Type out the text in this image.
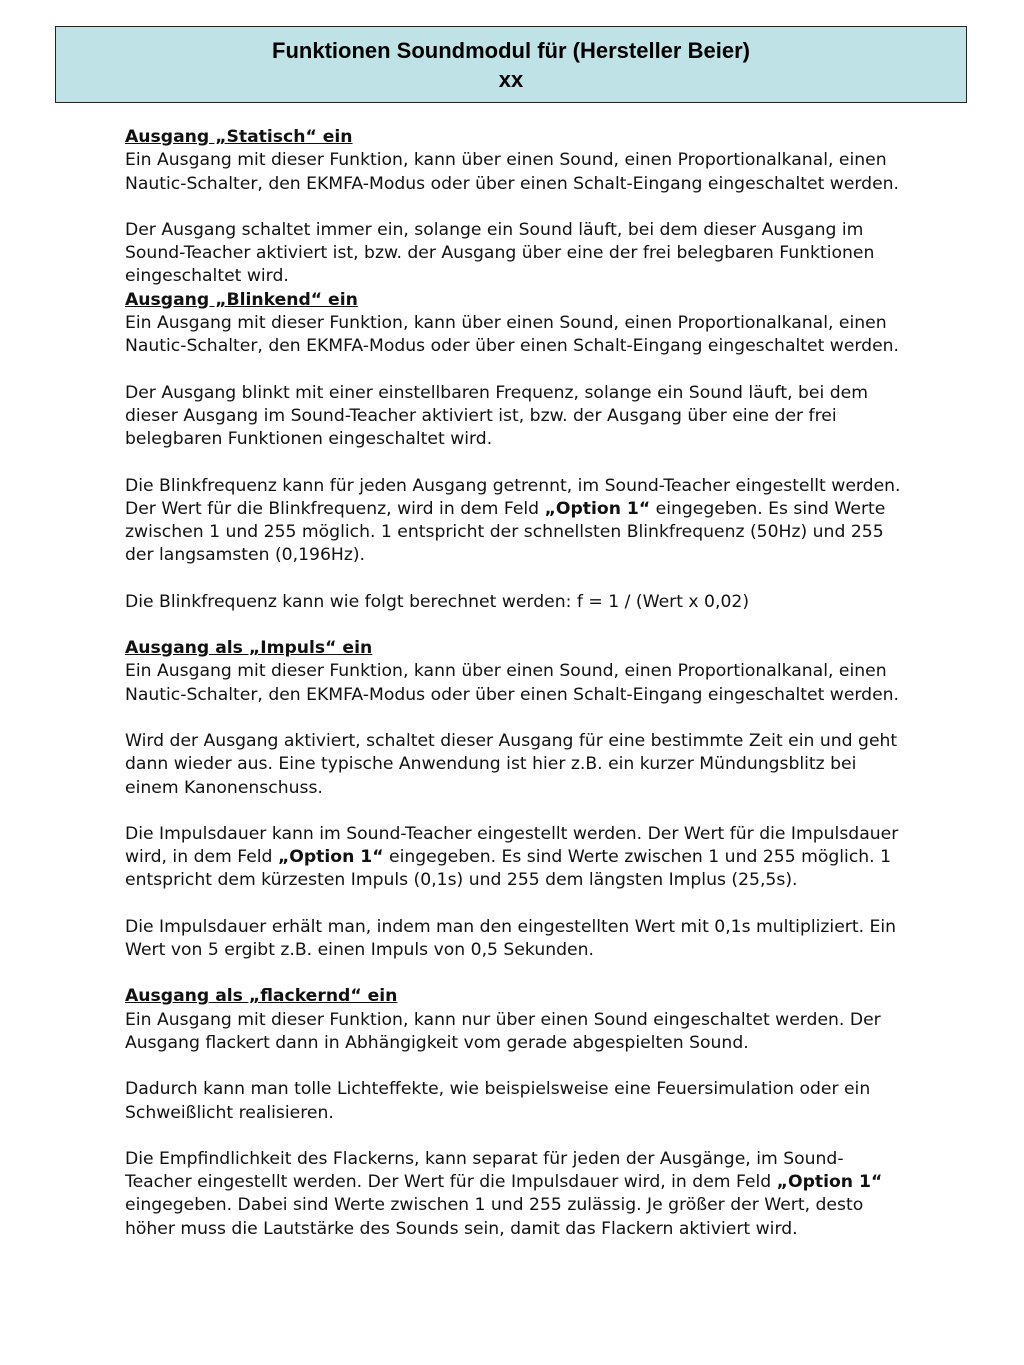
Funktionen Soundmodul für (Hersteller Beier)
xx

Ausgang „Statisch“ ein

Ein Ausgang mit dieser Funktion, kann über einen Sound, einen Proportionalkanal, einen Nautic-Schalter, den EKMFA-Modus oder über einen Schalt-Eingang eingeschaltet werden.

Der Ausgang schaltet immer ein, solange ein Sound läuft, bei dem dieser Ausgang im Sound-Teacher aktiviert ist, bzw. der Ausgang über eine der frei belegbaren Funktionen eingeschaltet wird.

Ausgang „Blinkend“ ein

Ein Ausgang mit dieser Funktion, kann über einen Sound, einen Proportionalkanal, einen Nautic-Schalter, den EKMFA-Modus oder über einen Schalt-Eingang eingeschaltet werden.

Der Ausgang blinkt mit einer einstellbaren Frequenz, solange ein Sound läuft, bei dem dieser Ausgang im Sound-Teacher aktiviert ist, bzw. der Ausgang über eine der frei belegbaren Funktionen eingeschaltet wird.

Die Blinkfrequenz kann für jeden Ausgang getrennt, im Sound-Teacher eingestellt werden. Der Wert für die Blinkfrequenz, wird in dem Feld „Option 1“ eingegeben. Es sind Werte zwischen 1 und 255 möglich. 1 entspricht der schnellsten Blinkfrequenz (50Hz) und 255 der langsamsten (0,196Hz).

Die Blinkfrequenz kann wie folgt berechnet werden: f = 1 / (Wert x 0,02)

Ausgang als „Impuls“ ein

Ein Ausgang mit dieser Funktion, kann über einen Sound, einen Proportionalkanal, einen Nautic-Schalter, den EKMFA-Modus oder über einen Schalt-Eingang eingeschaltet werden.

Wird der Ausgang aktiviert, schaltet dieser Ausgang für eine bestimmte Zeit ein und geht dann wieder aus. Eine typische Anwendung ist hier z.B. ein kurzer Mündungsblitz bei einem Kanonenschuss.

Die Impulsdauer kann im Sound-Teacher eingestellt werden. Der Wert für die Impulsdauer wird, in dem Feld „Option 1“ eingegeben. Es sind Werte zwischen 1 und 255 möglich. 1 entspricht dem kürzesten Impuls (0,1s) und 255 dem längsten Implus (25,5s).

Die Impulsdauer erhält man, indem man den eingestellten Wert mit 0,1s multipliziert. Ein Wert von 5 ergibt z.B. einen Impuls von 0,5 Sekunden.

Ausgang als „flackernd“ ein

Ein Ausgang mit dieser Funktion, kann nur über einen Sound eingeschaltet werden. Der Ausgang flackert dann in Abhängigkeit vom gerade abgespielten Sound.

Dadurch kann man tolle Lichteffekte, wie beispielsweise eine Feuersimulation oder ein Schweißlicht realisieren.

Die Empfindlichkeit des Flackerns, kann separat für jeden der Ausgänge, im Sound-Teacher eingestellt werden. Der Wert für die Impulsdauer wird, in dem Feld „Option 1“ eingegeben. Dabei sind Werte zwischen 1 und 255 zulässig. Je größer der Wert, desto höher muss die Lautstärke des Sounds sein, damit das Flackern aktiviert wird.
